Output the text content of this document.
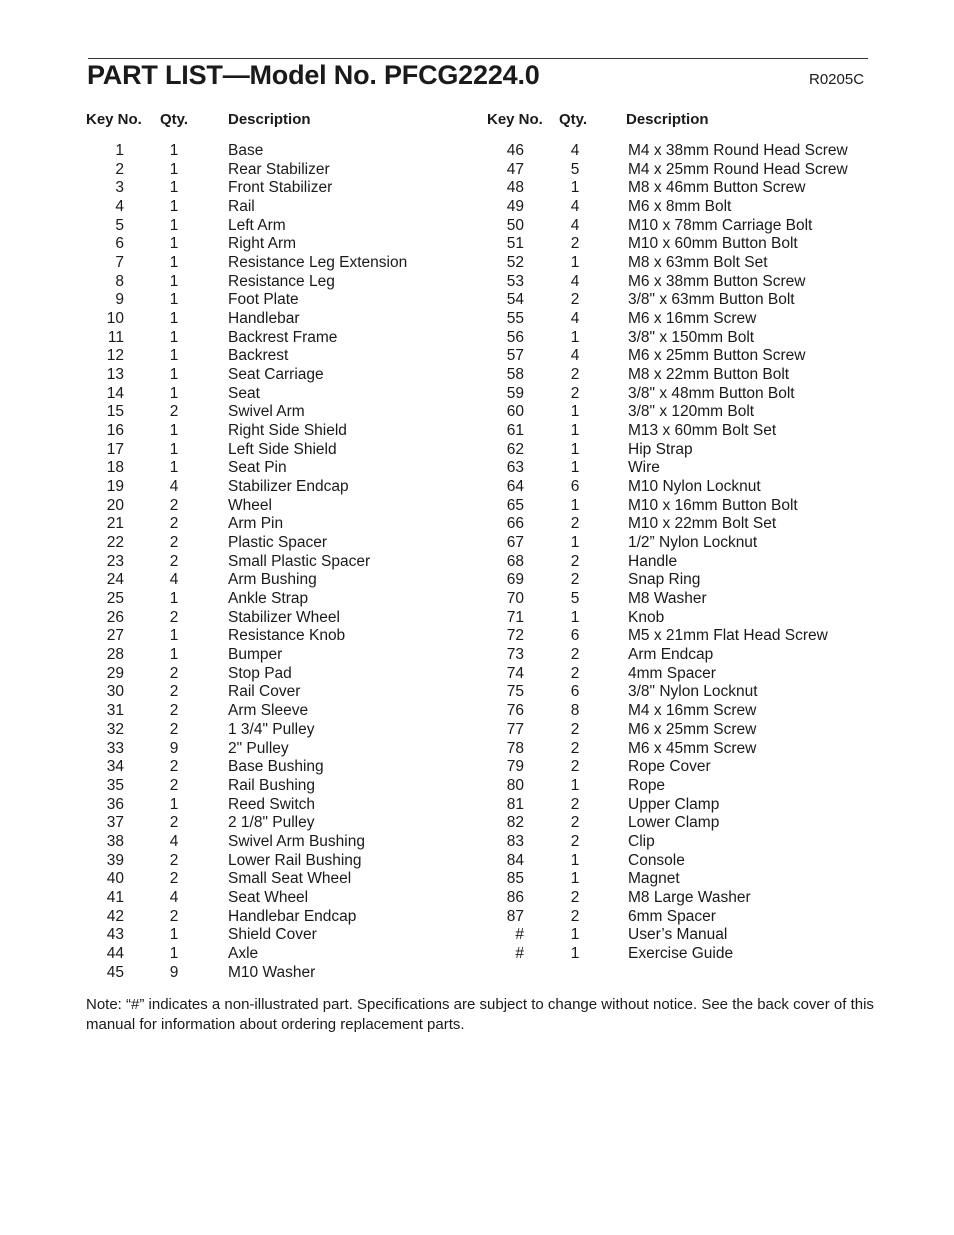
PART LIST—Model No. PFCG2224.0	R0205C
Key No. Qty.	Description	Key No. Qty.	Description
1	1	Base
2	1	Rear Stabilizer
3	1	Front Stabilizer
4	1	Rail
5	1	Left Arm
6	1	Right Arm
7	1	Resistance Leg Extension
8	1	Resistance Leg
9	1	Foot Plate
10	1	Handlebar
11	1	Backrest Frame
12	1	Backrest
13	1	Seat Carriage
14	1	Seat
15	2	Swivel Arm
16	1	Right Side Shield
17	1	Left Side Shield
18	1	Seat Pin
19	4	Stabilizer Endcap
20	2	Wheel
21	2	Arm Pin
22	2	Plastic Spacer
23	2	Small Plastic Spacer
24	4	Arm Bushing
25	1	Ankle Strap
26	2	Stabilizer Wheel
27	1	Resistance Knob
28	1	Bumper
29	2	Stop Pad
30	2	Rail Cover
31	2	Arm Sleeve
32	2	1 3/4" Pulley
33	9	2" Pulley
34	2	Base Bushing
35	2	Rail Bushing
36	1	Reed Switch
37	2	2 1/8" Pulley
38	4	Swivel Arm Bushing
39	2	Lower Rail Bushing
40	2	Small Seat Wheel
41	4	Seat Wheel
42	2	Handlebar Endcap
43	1	Shield Cover
44	1	Axle
45	9	M10 Washer
46	4	M4 x 38mm Round Head Screw
47	5	M4 x 25mm Round Head Screw
48	1	M8 x 46mm Button Screw
49	4	M6 x 8mm Bolt
50	4	M10 x 78mm Carriage Bolt
51	2	M10 x 60mm Button Bolt
52	1	M8 x 63mm Bolt Set
53	4	M6 x 38mm Button Screw
54	2	3/8" x 63mm Button Bolt
55	4	M6 x 16mm Screw
56	1	3/8" x 150mm Bolt
57	4	M6 x 25mm Button Screw
58	2	M8 x 22mm Button Bolt
59	2	3/8" x 48mm Button Bolt
60	1	3/8" x 120mm Bolt
61	1	M13 x 60mm Bolt Set
62	1	Hip Strap
63	1	Wire
64	6	M10 Nylon Locknut
65	1	M10 x 16mm Button Bolt
66	2	M10 x 22mm Bolt Set
67	1	1/2” Nylon Locknut
68	2	Handle
69	2	Snap Ring
70	5	M8 Washer
71	1	Knob
72	6	M5 x 21mm Flat Head Screw
73	2	Arm Endcap
74	2	4mm Spacer
75	6	3/8" Nylon Locknut
76	8	M4 x 16mm Screw
77	2	M6 x 25mm Screw
78	2	M6 x 45mm Screw
79	2	Rope Cover
80	1	Rope
81	2	Upper Clamp
82	2	Lower Clamp
83	2	Clip
84	1	Console
85	1	Magnet
86	2	M8 Large Washer
87	2	6mm Spacer
#	1	User’s Manual
#	1	Exercise Guide
Note: “#” indicates a non-illustrated part. Specifications are subject to change without notice. See the back cover of this manual for information about ordering replacement parts.
